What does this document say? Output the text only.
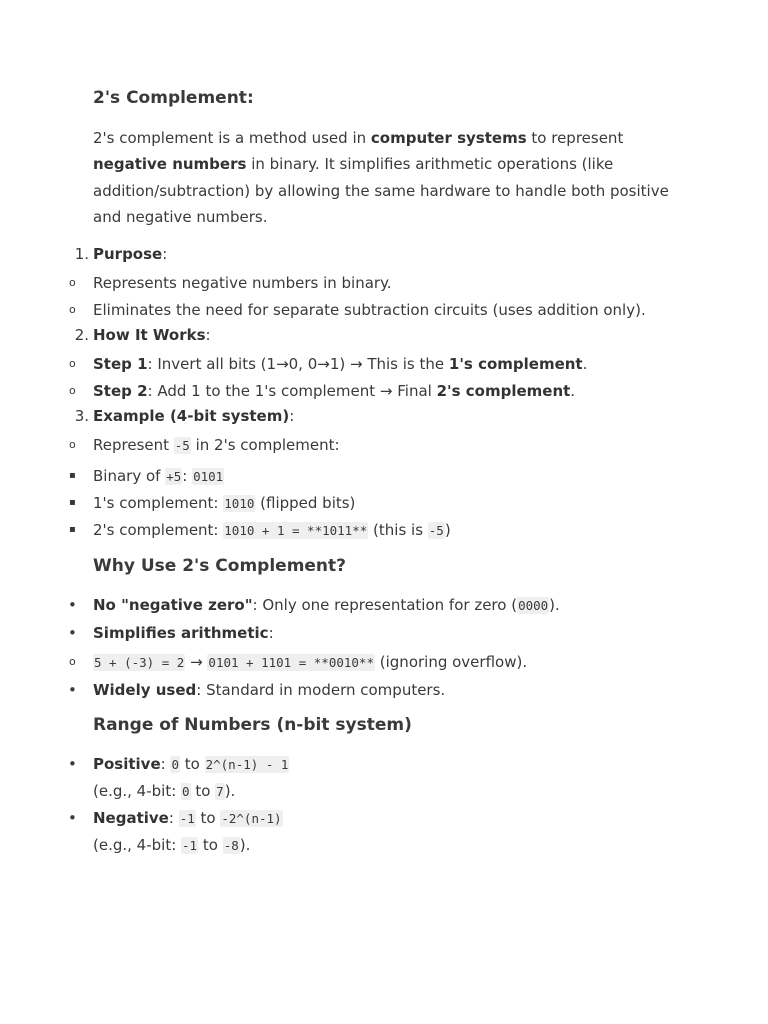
2's Complement:

2's complement is a method used in computer systems to represent negative numbers in binary. It simplifies arithmetic operations (like addition/subtraction) by allowing the same hardware to handle both positive and negative numbers.

1. Purpose:
o Represents negative numbers in binary.
o Eliminates the need for separate subtraction circuits (uses addition only).
2. How It Works:
o Step 1: Invert all bits (1→0, 0→1) → This is the 1's complement.
o Step 2: Add 1 to the 1's complement → Final 2's complement.
3. Example (4-bit system):
o Represent -5 in 2's complement:
▪ Binary of +5: 0101
▪ 1's complement: 1010 (flipped bits)
▪ 2's complement: 1010 + 1 = **1011** (this is -5)
Why Use 2's Complement?
• No "negative zero": Only one representation for zero (0000).
• Simplifies arithmetic:
o 5 + (-3) = 2 → 0101 + 1101 = **0010** (ignoring overflow).
• Widely used: Standard in modern computers.
Range of Numbers (n-bit system)
• Positive: 0 to 2^(n-1) - 1
(e.g., 4-bit: 0 to 7).
• Negative: -1 to -2^(n-1)
(e.g., 4-bit: -1 to -8).
